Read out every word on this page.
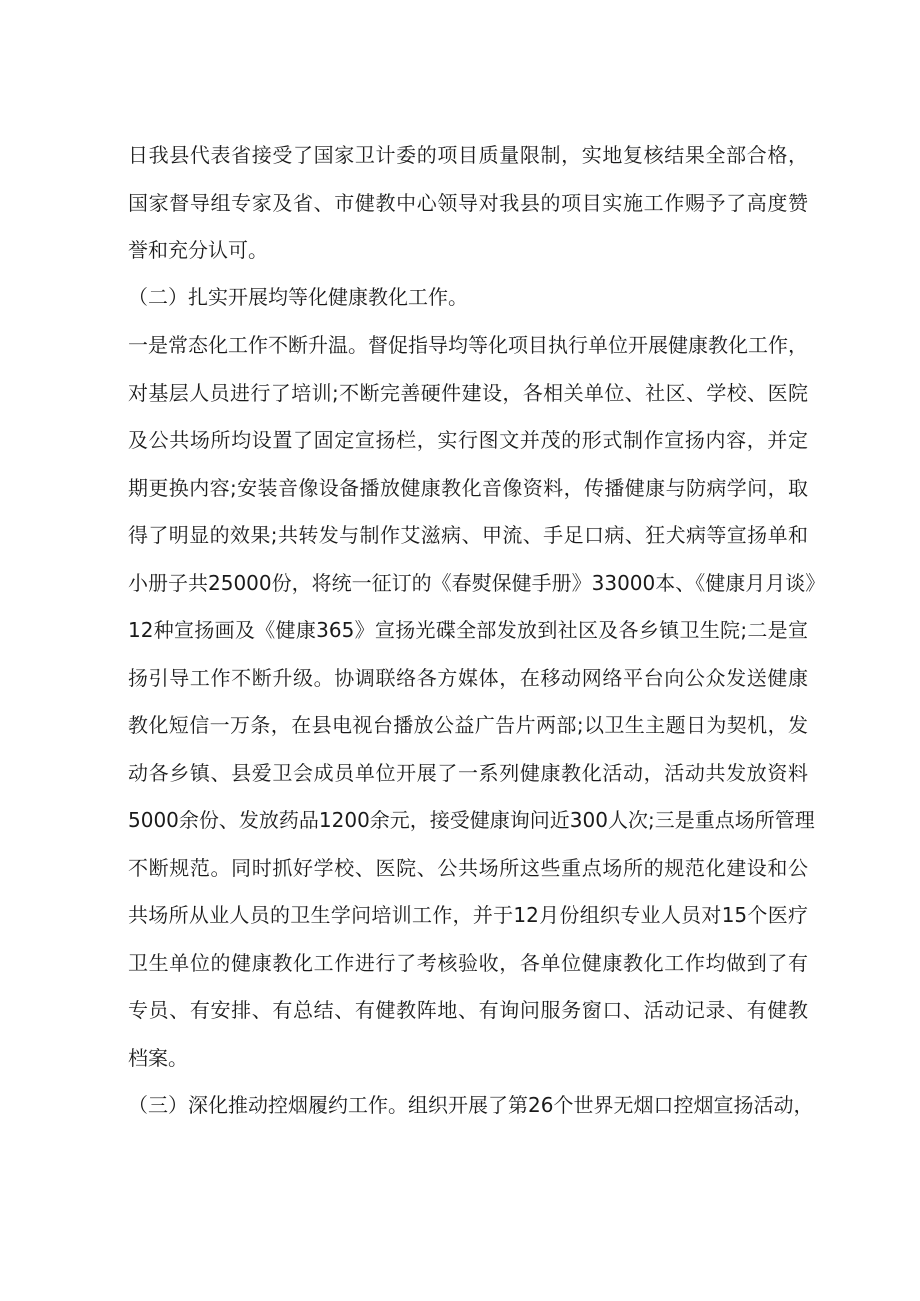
日我县代表省接受了国家卫计委的项目质量限制，实地复核结果全部合格，
国家督导组专家及省、市健教中心领导对我县的项目实施工作赐予了高度赞
誉和充分认可。
（二）扎实开展均等化健康教化工作。
一是常态化工作不断升温。督促指导均等化项目执行单位开展健康教化工作，
对基层人员进行了培训;不断完善硬件建设，各相关单位、社区、学校、医院
及公共场所均设置了固定宣扬栏，实行图文并茂的形式制作宣扬内容，并定
期更换内容;安装音像设备播放健康教化音像资料，传播健康与防病学问，取
得了明显的效果;共转发与制作艾滋病、甲流、手足口病、狂犬病等宣扬单和
小册子共25000份，将统一征订的《春熨保健手册》33000本、《健康月月谈》
12种宣扬画及《健康365》宣扬光碟全部发放到社区及各乡镇卫生院;二是宣
扬引导工作不断升级。协调联络各方媒体，在移动网络平台向公众发送健康
教化短信一万条，在县电视台播放公益广告片两部;以卫生主题日为契机，发
动各乡镇、县爱卫会成员单位开展了一系列健康教化活动，活动共发放资料
5000余份、发放药品1200余元，接受健康询问近300人次;三是重点场所管理
不断规范。同时抓好学校、医院、公共场所这些重点场所的规范化建设和公
共场所从业人员的卫生学问培训工作，并于12月份组织专业人员对15个医疗
卫生单位的健康教化工作进行了考核验收，各单位健康教化工作均做到了有
专员、有安排、有总结、有健教阵地、有询问服务窗口、活动记录、有健教
档案。
（三）深化推动控烟履约工作。组织开展了第26个世界无烟口控烟宣扬活动，
